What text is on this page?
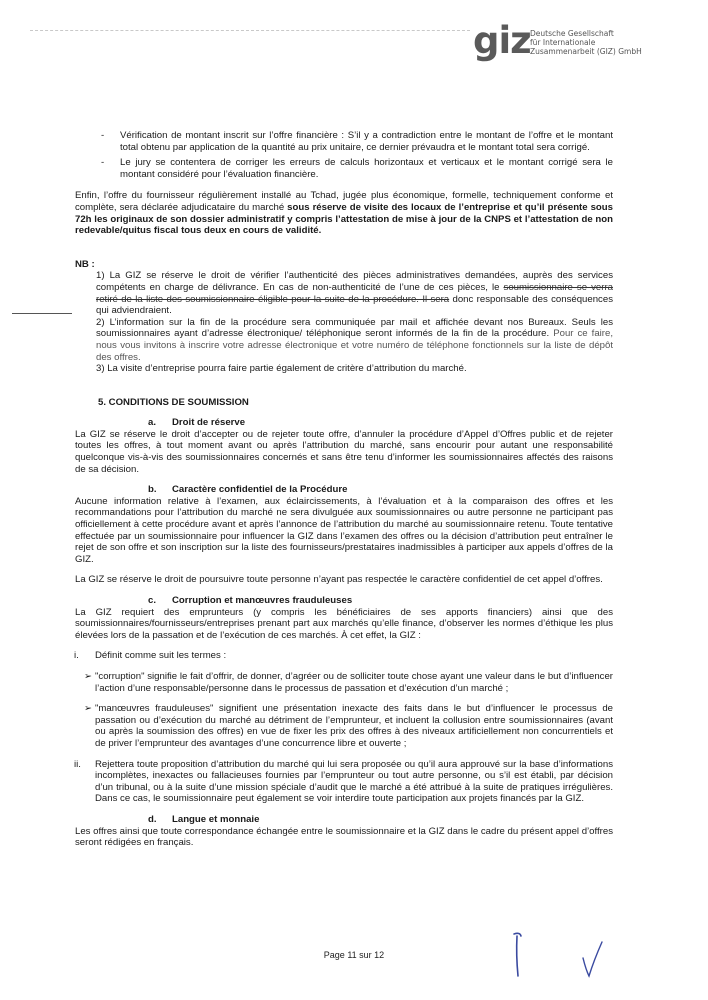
giz Deutsche Gesellschaft
für Internationale
Zusammenarbeit (GIZ) GmbH

- Vérification de montant inscrit sur l’offre financière : S’il y a contradiction entre le montant de l’offre et le montant total obtenu par application de la quantité au prix unitaire, ce dernier prévaudra et le montant total sera corrigé.

- Le jury se contentera de corriger les erreurs de calculs horizontaux et verticaux et le montant corrigé sera le montant considéré pour l’évaluation financière.

Enfin, l’offre du fournisseur régulièrement installé au Tchad, jugée plus économique, formelle, techniquement conforme et complète, sera déclarée adjudicataire du marché sous réserve de visite des locaux de l’entreprise et qu’il présente sous 72h les originaux de son dossier administratif y compris l’attestation de mise à jour de la CNPS et l’attestation de non redevable/quitus fiscal tous deux en cours de validité.

NB :

1) La GIZ se réserve le droit de vérifier l’authenticité des pièces administratives demandées, auprès des services compétents en charge de délivrance. En cas de non-authenticité de l’une de ces pièces, le soumissionnaire se verra retiré de la liste des soumissionnaire éligible pour la suite de la procédure. Il sera donc responsable des conséquences qui adviendraient.

2) L’information sur la fin de la procédure sera communiquée par mail et affichée devant nos Bureaux. Seuls les soumissionnaires ayant d’adresse électronique/ téléphonique seront informés de la fin de la procédure. Pour ce faire, nous vous invitons à inscrire votre adresse électronique et votre numéro de téléphone fonctionnels sur la liste de dépôt des offres.

3) La visite d’entreprise pourra faire partie également de critère d’attribution du marché.

5. CONDITIONS DE SOUMISSION

a. Droit de réserve

La GIZ se réserve le droit d’accepter ou de rejeter toute offre, d’annuler la procédure d’Appel d’Offres public et de rejeter toutes les offres, à tout moment avant ou après l’attribution du marché, sans encourir pour autant une responsabilité quelconque vis-à-vis des soumissionnaires concernés et sans être tenu d’informer les soumissionnaires affectés des raisons de sa décision.

b. Caractère confidentiel de la Procédure

Aucune information relative à l’examen, aux éclaircissements, à l’évaluation et à la comparaison des offres et les recommandations pour l’attribution du marché ne sera divulguée aux soumissionnaires ou autre personne ne participant pas officiellement à cette procédure avant et après l’annonce de l’attribution du marché au soumissionnaire retenu. Toute tentative effectuée par un soumissionnaire pour influencer la GIZ dans l’examen des offres ou la décision d’attribution peut entraîner le rejet de son offre et son inscription sur la liste des fournisseurs/prestataires inadmissibles à participer aux appels d’offres de la GIZ.

La GIZ se réserve le droit de poursuivre toute personne n’ayant pas respectée le caractère confidentiel de cet appel d’offres.

c. Corruption et manœuvres frauduleuses

La GIZ requiert des emprunteurs (y compris les bénéficiaires de ses apports financiers) ainsi que des soumissionnaires/fournisseurs/entreprises prenant part aux marchés qu’elle finance, d’observer les normes d’éthique les plus élevées lors de la passation et de l’exécution de ces marchés. À cet effet, la GIZ :

i. Définit comme suit les termes :

➢ "corruption" signifie le fait d’offrir, de donner, d’agréer ou de solliciter toute chose ayant une valeur dans le but d’influencer l’action d’une responsable/personne dans le processus de passation et d’exécution d’un marché ;

➢ "manœuvres frauduleuses" signifient une présentation inexacte des faits dans le but d’influencer le processus de passation ou d’exécution du marché au détriment de l’emprunteur, et incluent la collusion entre soumissionnaires (avant ou après la soumission des offres) en vue de fixer les prix des offres à des niveaux artificiellement non concurrentiels et de priver l’emprunteur des avantages d’une concurrence libre et ouverte ;

ii. Rejettera toute proposition d’attribution du marché qui lui sera proposée ou qu’il aura approuvé sur la base d’informations incomplètes, inexactes ou fallacieuses fournies par l’emprunteur ou tout autre personne, ou s’il est établi, par décision d’un tribunal, ou à la suite d’une mission spéciale d’audit que le marché a été attribué à la suite de pratiques irrégulières. Dans ce cas, le soumissionnaire peut également se voir interdire toute participation aux projets financés par la GIZ.

d. Langue et monnaie

Les offres ainsi que toute correspondance échangée entre le soumissionnaire et la GIZ dans le cadre du présent appel d’offres seront rédigées en français.

Page 11 sur 12
